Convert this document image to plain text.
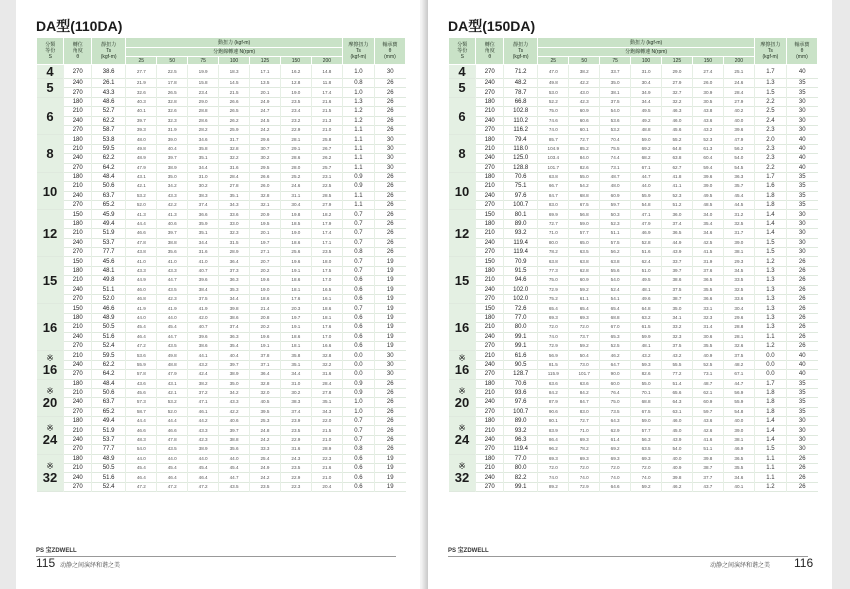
DA型(110DA)
分類
等份
S	轉位
角度
θ	靜扭力
Ts
(kgf-m)	動扭力 (kgf-m)							摩擦扭力
Ts
(kgf-m)	軸承寶
θ
(mm)
			分鉋線轉速 N(rpm)								
			25	50	75	100	125	150	200		
4	270	38.6	27.7	22.5	19.9	18.3	17.1	16.2	14.8	1.0	30
5	240	26.1	21.9	17.8	15.8	14.5	13.5	12.8	11.8	0.8	26
	270	43.3	32.6	26.5	23.4	21.5	20.1	19.0	17.4	1.0	26
6	180	48.6	40.3	32.8	29.0	26.6	24.9	23.5	21.6	1.3	26
	210	52.7	40.1	32.6	28.8	26.5	24.7	23.4	21.5	1.2	26
	240	62.2	39.7	32.3	28.6	26.2	24.5	23.2	21.3	1.2	26
	270	58.7	39.3	31.9	28.2	25.9	24.2	22.9	21.0	1.1	26
8	180	53.8	48.0	39.0	34.6	31.7	29.6	28.1	25.8	1.1	30
	210	59.5	49.8	40.4	35.8	32.8	30.7	29.1	26.7	1.1	30
	240	62.2	48.9	39.7	35.1	32.2	30.2	28.6	26.2	1.1	30
	270	64.2	47.9	38.9	34.4	31.6	29.5	28.0	25.7	1.1	30
10	180	48.4	43.1	35.0	31.0	28.4	26.6	25.2	23.1	0.9	26
	210	50.6	42.1	34.2	30.2	27.8	26.0	24.6	22.5	0.9	26
	240	63.7	53.2	43.3	38.3	35.1	32.8	31.1	28.5	1.1	26
	270	65.2	52.0	42.2	37.4	34.3	32.1	30.4	27.9	1.1	26
12	150	45.9	41.3	41.3	36.6	33.6	20.9	19.8	18.2	0.7	26
	180	49.4	44.4	40.6	35.9	33.0	19.5	18.5	17.9	0.7	26
	210	51.9	46.6	39.7	35.1	32.3	20.1	19.0	17.4	0.7	26
	240	53.7	47.8	38.8	34.4	31.5	19.7	18.6	17.1	0.7	26
	270	77.7	43.8	35.6	31.6	28.9	27.1	25.6	23.5	0.8	26
15	150	45.6	41.0	41.0	41.0	36.4	20.7	19.6	18.0	0.7	19
	180	48.1	43.3	43.3	40.7	37.3	20.2	19.1	17.5	0.7	19
	210	49.8	44.9	44.7	39.6	36.3	19.6	18.6	17.0	0.6	19
	240	51.1	46.0	43.5	38.4	35.3	19.0	18.1	16.5	0.6	19
	270	52.0	46.8	42.3	37.5	34.4	18.6	17.6	16.1	0.6	19
16	150	46.6	41.9	41.9	41.9	39.8	21.4	20.3	18.6	0.7	19
	180	48.9	44.0	44.0	42.0	38.6	20.8	19.7	18.1	0.6	19
	210	50.5	45.4	45.4	40.7	37.4	20.2	19.1	17.6	0.6	19
	240	51.6	46.4	44.7	39.6	36.3	19.6	18.6	17.0	0.6	19
	270	52.4	47.2	43.5	38.6	35.4	19.1	18.1	16.6	0.6	19

※
16	210	59.5	53.6	49.8	44.1	40.4	37.8	35.8	32.8	0.0	30
	240	62.2	55.9	48.8	43.2	39.7	37.1	35.1	32.2	0.0	30
	270	64.2	57.8	47.9	42.4	38.9	36.4	34.4	31.6	0.0	30

※
20	180	48.4	43.6	43.1	38.2	35.0	32.8	31.0	28.4	0.9	26
	210	50.6	45.6	42.1	37.2	34.2	32.0	30.2	27.8	0.9	26
	240	63.7	57.3	53.2	47.1	43.3	40.5	38.3	35.1	1.0	26
	270	65.2	58.7	52.0	46.1	42.2	39.5	37.4	34.3	1.0	26

※
24	180	49.4	44.4	44.4	44.2	40.6	25.3	23.9	22.0	0.7	26
	210	51.9	46.6	46.6	43.3	39.7	24.8	23.5	21.5	0.7	26
	240	53.7	48.3	47.8	42.3	38.8	24.2	22.9	21.0	0.7	26
	270	77.7	54.0	43.5	38.9	35.6	33.3	31.6	28.9	0.8	26

※
32	180	48.9	44.0	44.0	44.0	44.0	25.4	24.3	22.3	0.6	19
	210	50.5	45.4	45.4	45.4	45.4	24.9	23.5	21.6	0.6	19
	240	51.6	46.4	46.4	46.4	44.7	24.2	22.9	21.0	0.6	19
	270	52.4	47.2	47.2	47.2	43.5	23.5	22.3	20.4	0.6	19
PS 宝ZDWELL
115 动静之间演绎和谐之美
DA型(150DA)
分類
等份
S	轉位
角度
θ	靜扭力
Ts
(kgf-m)	動扭力 (kgf-m)							摩擦扭力
Ts
(kgf-m)	軸承寶
θ
(mm)
			分鉋線轉速 N(rpm)								
			25	50	75	100	125	150	200		
4	270	71.2	47.0	38.2	33.7	31.0	29.0	27.4	25.1	1.7	40
5	240	48.2	49.8	42.2	35.0	30.4	27.9	26.0	24.6	1.3	35
	270	78.7	53.0	43.0	38.1	34.9	32.7	30.9	28.4	1.5	35
6	180	66.8	52.2	42.3	37.5	34.4	32.2	30.5	27.9	2.2	30
	210	102.8	75.0	60.9	54.0	49.5	46.3	43.8	40.2	2.5	30
	240	110.2	74.6	60.6	53.6	49.2	46.0	43.6	40.0	2.4	30
	270	116.2	74.0	60.1	53.2	48.8	45.6	43.2	39.6	2.3	30
8	180	79.4	85.7	72.7	70.4	59.0	55.2	52.3	47.9	2.0	40
	210	118.0	104.9	85.2	75.5	69.2	64.8	61.3	56.2	2.3	40
	240	125.0	103.4	84.0	74.4	68.2	63.8	60.4	54.0	2.3	40
	270	128.8	101.7	82.6	73.1	67.1	62.7	59.4	54.5	2.2	40
10	180	70.6	63.8	55.0	48.7	44.7	41.8	39.6	36.3	1.7	35
	210	75.1	66.7	54.2	48.0	44.0	41.1	39.0	35.7	1.6	35
	240	97.6	84.7	68.8	60.9	55.9	52.3	49.5	45.4	1.8	35
	270	100.7	83.0	67.5	59.7	54.8	51.2	48.5	44.5	1.8	35
12	150	80.1	69.9	56.8	50.3	47.1	36.0	34.0	31.2	1.4	30
	180	89.0	72.7	59.0	52.3	47.9	37.4	35.4	32.5	1.4	30
	210	93.2	71.0	57.7	51.1	46.9	36.5	34.6	31.7	1.4	30
	240	119.4	80.0	65.0	57.5	52.8	44.9	42.5	39.0	1.5	30
	270	119.4	78.2	63.5	56.2	51.6	43.9	41.5	38.1	1.5	30
15	150	70.9	63.8	63.8	63.8	62.4	33.7	31.9	29.3	1.2	26
	180	91.5	77.3	62.8	55.6	51.0	39.7	37.6	34.5	1.3	26
	210	94.6	75.0	60.9	54.0	49.5	38.6	36.5	33.5	1.3	26
	240	102.0	72.9	59.2	52.4	48.1	37.5	35.5	32.5	1.3	26
	270	102.0	75.2	61.1	54.1	49.6	38.7	36.6	33.6	1.3	26
16	150	72.6	65.4	65.4	65.4	64.8	35.0	33.1	30.4	1.3	26
	180	77.0	69.3	69.3	68.8	63.2	34.1	32.3	29.6	1.3	26
	210	80.0	72.0	72.0	67.0	61.5	33.2	31.4	28.8	1.3	26
	240	99.1	74.0	73.7	65.3	59.9	32.3	30.6	28.1	1.1	26
	270	99.1	72.9	59.2	52.5	48.1	37.5	35.5	32.6	1.2	26

※
16	210	61.6	56.9	50.4	46.2	43.2	43.2	40.9	37.5	0.0	40
	240	90.5	81.5	73.0	64.7	59.3	55.5	52.5	48.2	0.0	40
	270	128.7	115.9	101.7	90.0	82.6	77.2	73.1	67.1	0.0	40

※
20	180	70.6	63.6	63.6	60.0	55.0	51.4	48.7	44.7	1.7	35
	210	93.6	84.2	84.2	76.4	70.1	65.6	62.1	56.9	1.8	35
	240	97.6	87.9	84.7	75.0	68.8	64.3	60.9	55.9	1.8	35
	270	100.7	90.6	83.0	73.5	67.5	63.1	59.7	54.8	1.8	35

※
24	180	89.0	80.1	72.7	64.3	59.0	46.0	43.6	40.0	1.4	30
	210	93.2	83.9	71.0	62.9	57.7	45.0	42.6	39.0	1.4	30
	240	96.3	86.4	69.3	61.4	56.3	43.9	41.6	38.1	1.4	30
	270	119.4	96.2	78.2	69.2	63.5	54.0	51.1	46.9	1.5	30

※
32	180	77.0	69.3	69.3	69.3	69.3	40.0	39.8	36.5	1.1	26
	210	80.0	72.0	72.0	72.0	72.0	40.9	38.7	35.5	1.1	26
	240	82.2	74.0	74.0	74.0	74.0	39.8	37.7	34.6	1.1	26
	270	99.1	89.2	72.9	64.6	59.2	46.2	43.7	40.1	1.2	26
PS 宝ZDWELL
动静之间演绎和谐之美 116
